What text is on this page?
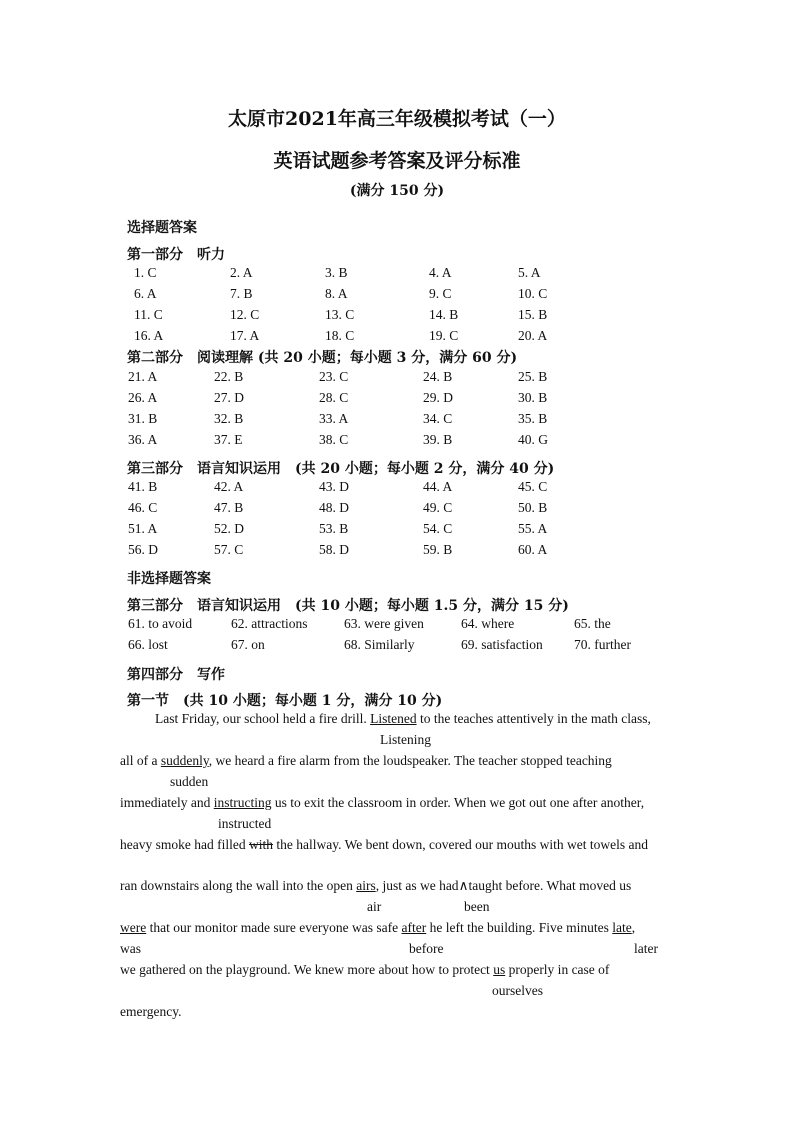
太原市2021年高三年级模拟考试（一）
英语试题参考答案及评分标准
(满分 150 分)
选择题答案
第一部分　听力
1. C	2. A	3. B	4. A	5. A
6. A	7. B	8. A	9. C	10. C
11. C	12. C	13. C	14. B	15. B
16. A	17. A	18. C	19. C	20. A
第二部分　阅读理解 (共 20 小题；每小题 3 分，满分 60 分)
21. A	22. B	23. C	24. B	25. B
26. A	27. D	28. C	29. D	30. B
31. B	32. B	33. A	34. C	35. B
36. A	37. E	38. C	39. B	40. G
第三部分　语言知识运用　(共 20 小题；每小题 2 分，满分 40 分)
41. B	42. A	43. D	44. A	45. C
46. C	47. B	48. D	49. C	50. B
51. A	52. D	53. B	54. C	55. A
56. D	57. C	58. D	59. B	60. A
非选择题答案
第三部分　语言知识运用　(共 10 小题；每小题 1.5 分，满分 15 分)
61. to avoid	62. attractions	63. were given	64. where	65. the
66. lost	67. on	68. Similarly	69. satisfaction 70. further
第四部分　写作
第一节　(共 10 小题；每小题 1 分，满分 10 分)
Last Friday, our school held a fire drill. Listened to the teaches attentively in the math class,
Listening
all of a suddenly, we heard a fire alarm from the loudspeaker. The teacher stopped teaching
sudden
immediately and instructing us to exit the classroom in order. When we got out one after another,
instructed
heavy smoke had filled with the hallway. We bent down, covered our mouths with wet towels and
ran downstairs along the wall into the open airs, just as we had∧taught before. What moved us
air	been
were that our monitor made sure everyone was safe after he left the building. Five minutes late,
was	before	later
we gathered on the playground. We knew more about how to protect us properly in case of
ourselves
emergency.
